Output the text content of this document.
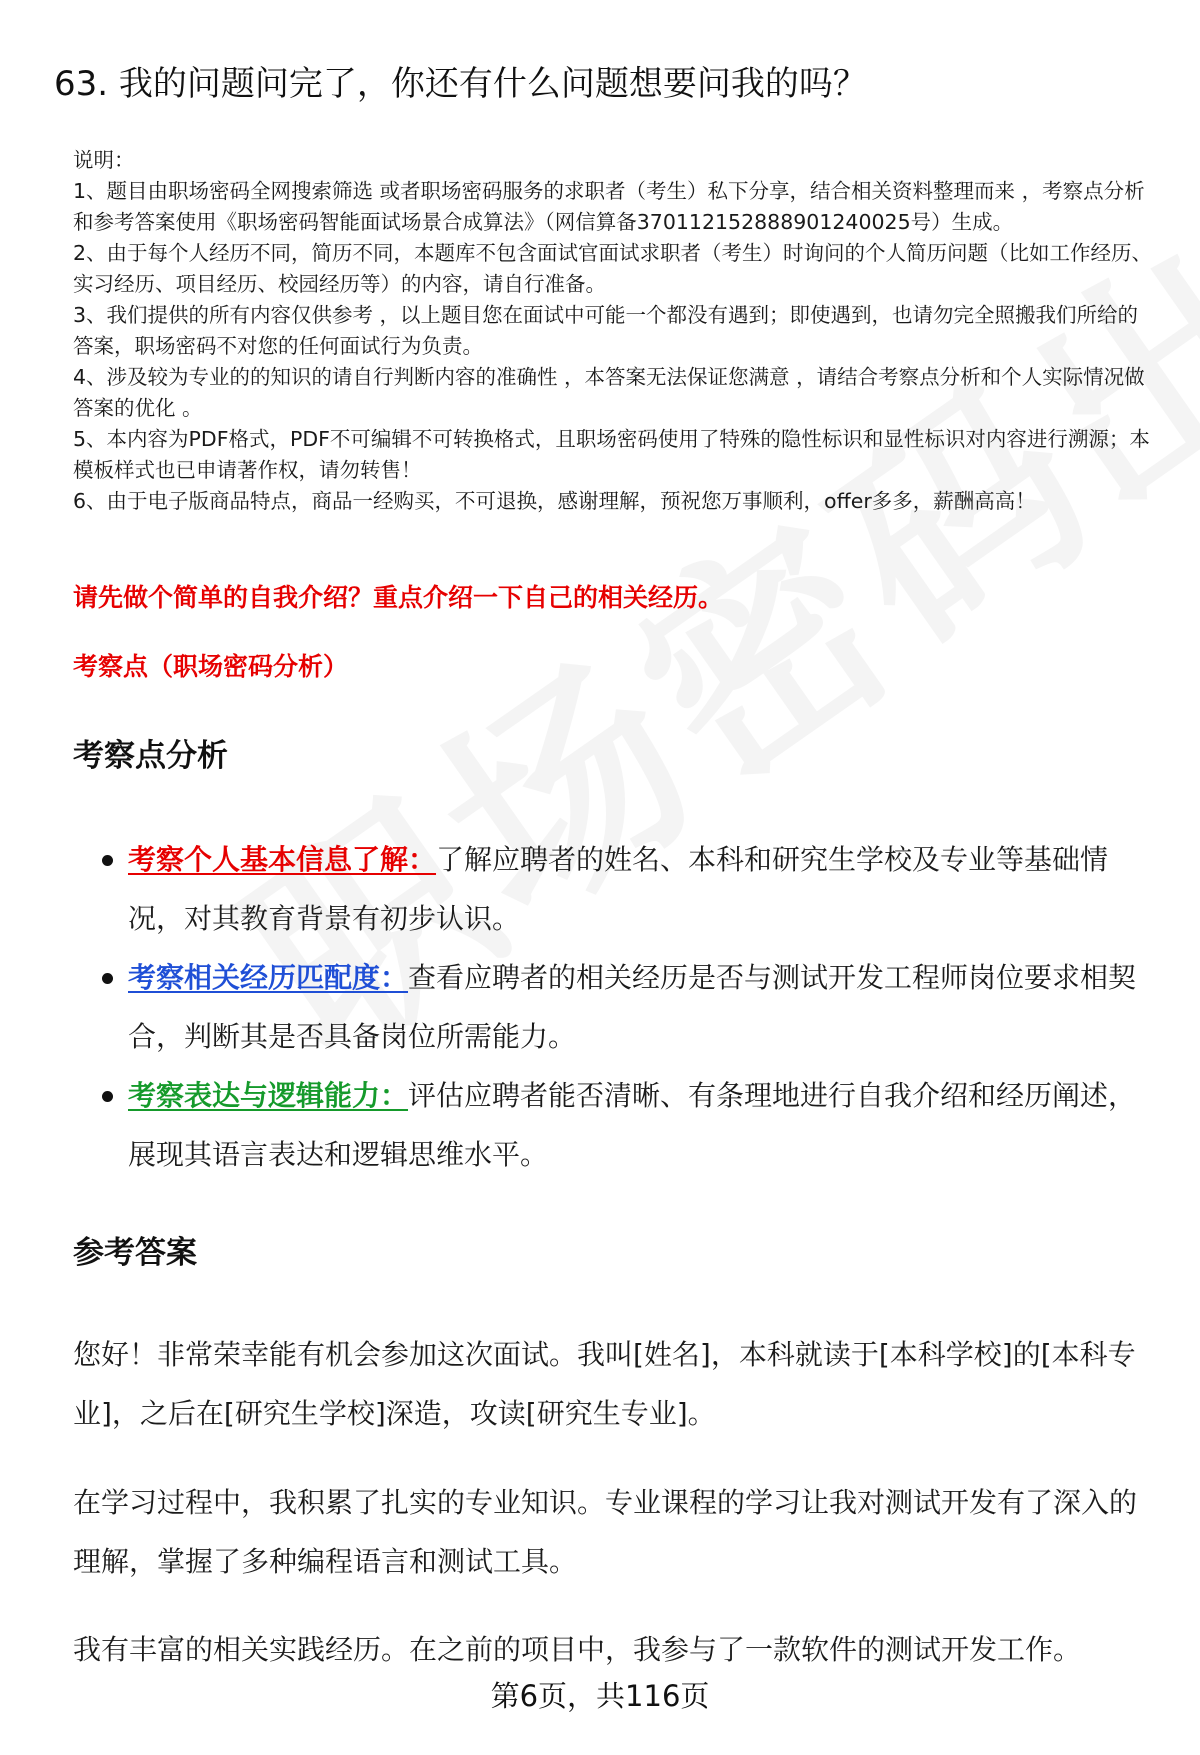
63. 我的问题问完了，你还有什么问题想要问我的吗？
说明：
1、题目由职场密码全网搜索筛选 或者职场密码服务的求职者（考生）私下分享，结合相关资料整理而来 ，考察点分析和参考答案使用《职场密码智能面试场景合成算法》（网信算备370112152888901240025号）生成。
2、由于每个人经历不同，简历不同，本题库不包含面试官面试求职者（考生）时询问的个人简历问题（比如工作经历、实习经历、项目经历、校园经历等）的内容，请自行准备。
3、我们提供的所有内容仅供参考 ，以上题目您在面试中可能一个都没有遇到；即使遇到，也请勿完全照搬我们所给的答案，职场密码不对您的任何面试行为负责。
4、涉及较为专业的的知识的请自行判断内容的准确性 ，本答案无法保证您满意 ，请结合考察点分析和个人实际情况做答案的优化 。
5、本内容为PDF格式，PDF不可编辑不可转换格式，且职场密码使用了特殊的隐性标识和显性标识对内容进行溯源；本模板样式也已申请著作权，请勿转售！
6、由于电子版商品特点，商品一经购买，不可退换，感谢理解，预祝您万事顺利，offer多多，薪酬高高！
请先做个简单的自我介绍？重点介绍一下自己的相关经历。
考察点（职场密码分析）
考察点分析
考察个人基本信息了解：了解应聘者的姓名、本科和研究生学校及专业等基础情况，对其教育背景有初步认识。
考察相关经历匹配度：查看应聘者的相关经历是否与测试开发工程师岗位要求相契合，判断其是否具备岗位所需能力。
考察表达与逻辑能力：评估应聘者能否清晰、有条理地进行自我介绍和经历阐述，展现其语言表达和逻辑思维水平。
参考答案
您好！非常荣幸能有机会参加这次面试。我叫[姓名]，本科就读于[本科学校]的[本科专业]，之后在[研究生学校]深造，攻读[研究生专业]。
在学习过程中，我积累了扎实的专业知识。专业课程的学习让我对测试开发有了深入的理解，掌握了多种编程语言和测试工具。
我有丰富的相关实践经历。在之前的项目中，我参与了一款软件的测试开发工作。
第6页，共116页
